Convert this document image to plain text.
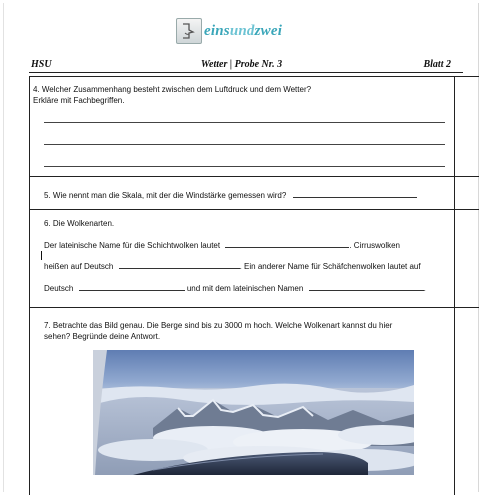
einsundzwei
HSU	Wetter | Probe Nr. 3	Blatt 2
4. Welcher Zusammenhang besteht zwischen dem Luftdruck und dem Wetter?
Erkläre mit Fachbegriffen.
5. Wie nennt man die Skala, mit der die Windstärke gemessen wird?
6. Die Wolkenarten.
Der lateinische Name für die Schichtwolken lautet	. Cirruswolken
heißen auf Deutsch	. Ein anderer Name für Schäfchenwolken lautet auf
Deutsch	und mit dem lateinischen Namen	.
7. Betrachte das Bild genau. Die Berge sind bis zu 3000 m hoch. Welche Wolkenart kannst du hier
sehen? Begründe deine Antwort.
